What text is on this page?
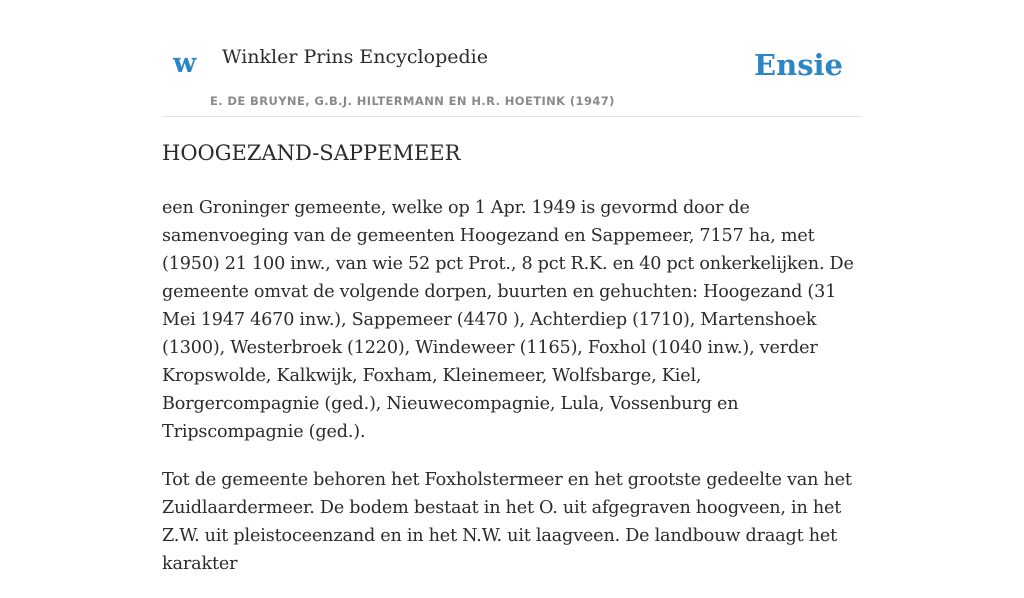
w Winkler Prins Encyclopedie
E. DE BRUYNE, G.B.J. HILTERMANN EN H.R. HOETINK (1947)
Ensie
HOOGEZAND-SAPPEMEER

een Groninger gemeente, welke op 1 Apr. 1949 is gevormd door de samenvoeging van de gemeenten Hoogezand en Sappemeer, 7157 ha, met (1950) 21 100 inw., van wie 52 pct Prot., 8 pct R.K. en 40 pct onkerkelijken. De gemeente omvat de volgende dorpen, buurten en gehuchten: Hoogezand (31 Mei 1947 4670 inw.), Sappemeer (4470 ), Achterdiep (1710), Martenshoek (1300), Westerbroek (1220), Windeweer (1165), Foxhol (1040 inw.), verder Kropswolde, Kalkwijk, Foxham, Kleinemeer, Wolfsbarge, Kiel, Borgercompagnie (ged.), Nieuwecompagnie, Lula, Vossenburg en Tripscompagnie (ged.).

Tot de gemeente behoren het Foxholstermeer en het grootste gedeelte van het Zuidlaardermeer. De bodem bestaat in het O. uit afgegraven hoogveen, in het Z.W. uit pleistoceenzand en in het N.W. uit laagveen. De landbouw draagt het karakter
